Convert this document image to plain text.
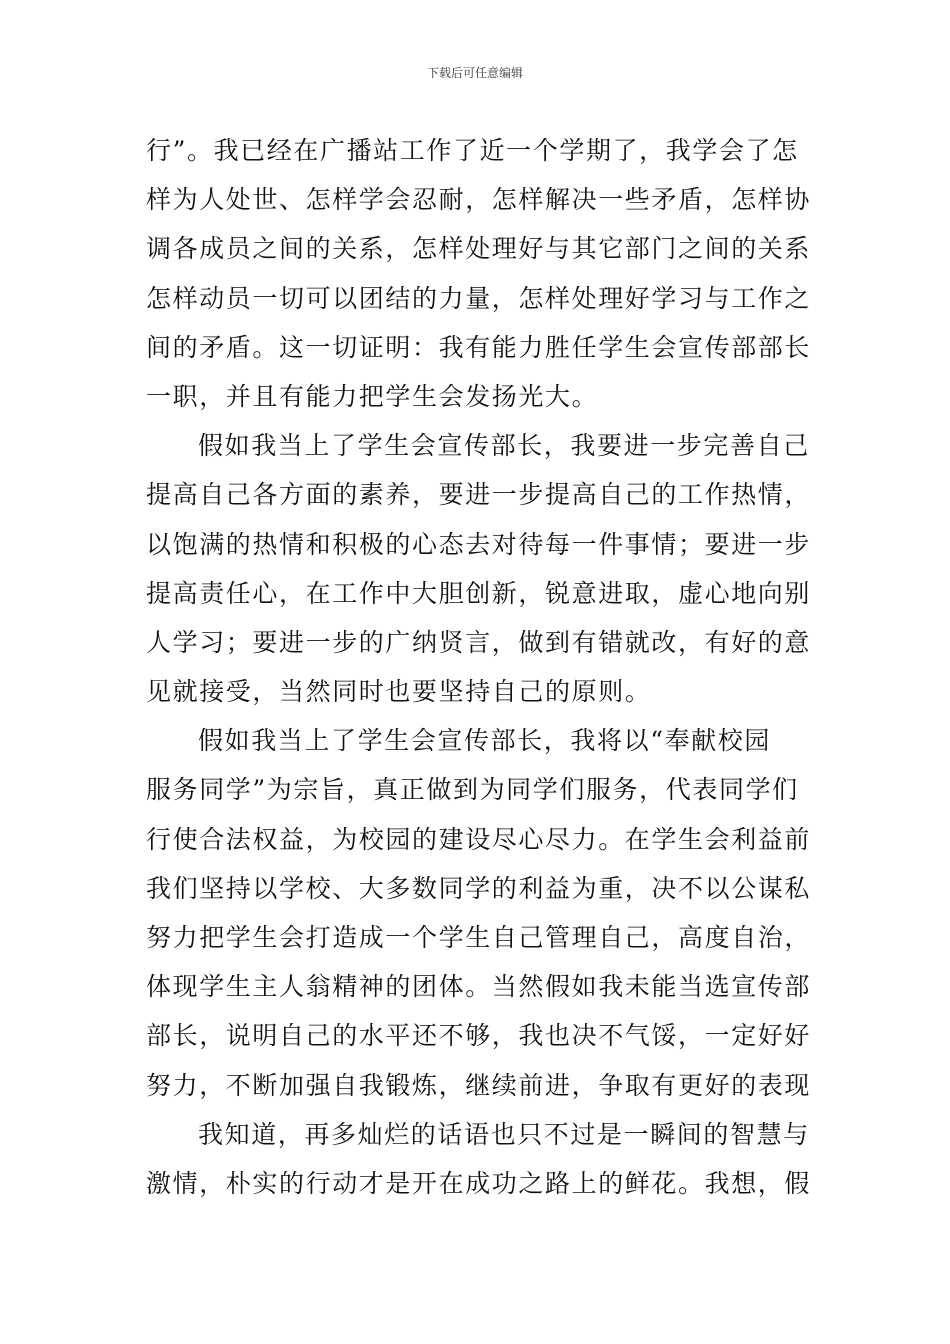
下载后可任意编辑
行”。我已经在广播站工作了近一个学期了，我学会了怎
样为人处世、怎样学会忍耐，怎样解决一些矛盾，怎样协
调各成员之间的关系，怎样处理好与其它部门之间的关系
怎样动员一切可以团结的力量，怎样处理好学习与工作之
间的矛盾。这一切证明：我有能力胜任学生会宣传部部长
一职，并且有能力把学生会发扬光大。
假如我当上了学生会宣传部长，我要进一步完善自己
提高自己各方面的素养，要进一步提高自己的工作热情，
以饱满的热情和积极的心态去对待每一件事情；要进一步
提高责任心，在工作中大胆创新，锐意进取，虚心地向别
人学习；要进一步的广纳贤言，做到有错就改，有好的意
见就接受，当然同时也要坚持自己的原则。
假如我当上了学生会宣传部长，我将以“奉献校园
服务同学”为宗旨，真正做到为同学们服务，代表同学们
行使合法权益，为校园的建设尽心尽力。在学生会利益前
我们坚持以学校、大多数同学的利益为重，决不以公谋私
努力把学生会打造成一个学生自己管理自己，高度自治，
体现学生主人翁精神的团体。当然假如我未能当选宣传部
部长，说明自己的水平还不够，我也决不气馁，一定好好
努力，不断加强自我锻炼，继续前进，争取有更好的表现
我知道，再多灿烂的话语也只不过是一瞬间的智慧与
激情，朴实的行动才是开在成功之路上的鲜花。我想，假
